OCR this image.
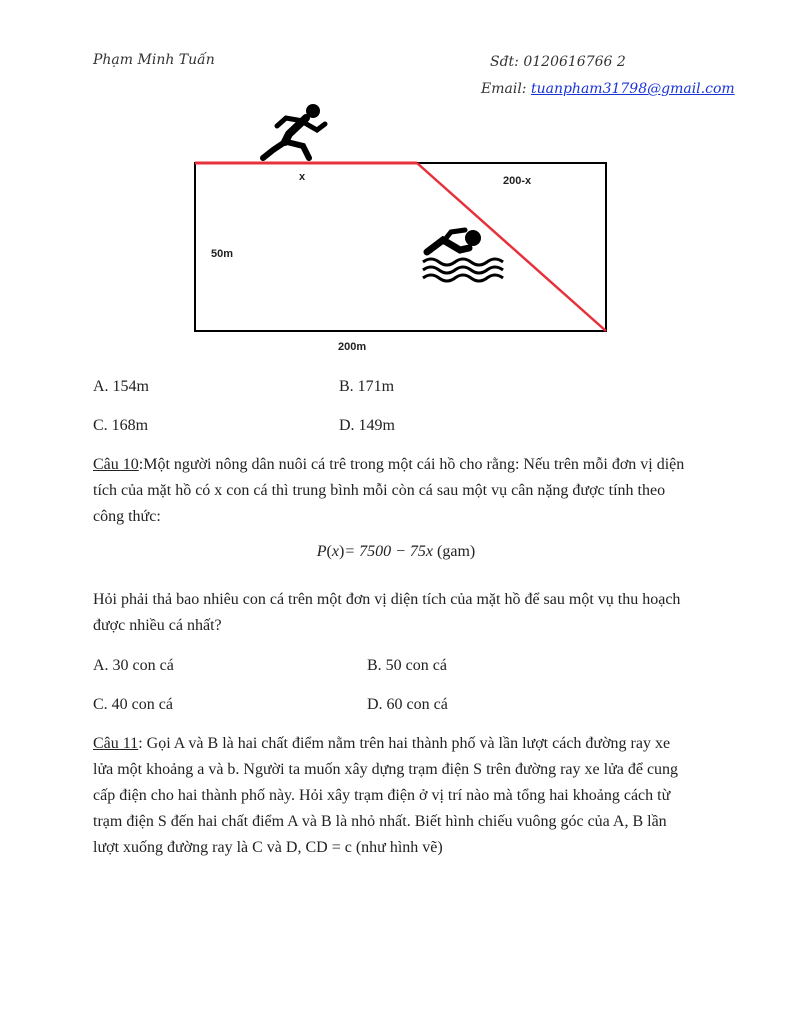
Phạm Minh Tuấn	Sđt: 0120616766 2
Email: tuanpham31798@gmail.com
x	200-x
50m
200m
A. 154m	B. 171m
C. 168m	D. 149m
Câu 10:Một người nông dân nuôi cá trê trong một cái hồ cho rằng: Nếu trên mỗi đơn vị diện tích của mặt hồ có x con cá thì trung bình mỗi còn cá sau một vụ cân nặng được tính theo công thức:
P(x)= 7500 − 75x (gam)
Hỏi phải thả bao nhiêu con cá trên một đơn vị diện tích của mặt hồ để sau một vụ thu hoạch được nhiều cá nhất?
A. 30 con cá	B. 50 con cá
C. 40 con cá	D. 60 con cá
Câu 11: Gọi A và B là hai chất điểm nằm trên hai thành phố và lần lượt cách đường ray xe lửa một khoảng a và b. Người ta muốn xây dựng trạm điện S trên đường ray xe lửa để cung cấp điện cho hai thành phố này. Hỏi xây trạm điện ở vị trí nào mà tổng hai khoảng cách từ trạm điện S đến hai chất điểm A và B là nhỏ nhất. Biết hình chiếu vuông góc của A, B lần lượt xuống đường ray là C và D, CD = c (như hình vẽ)
